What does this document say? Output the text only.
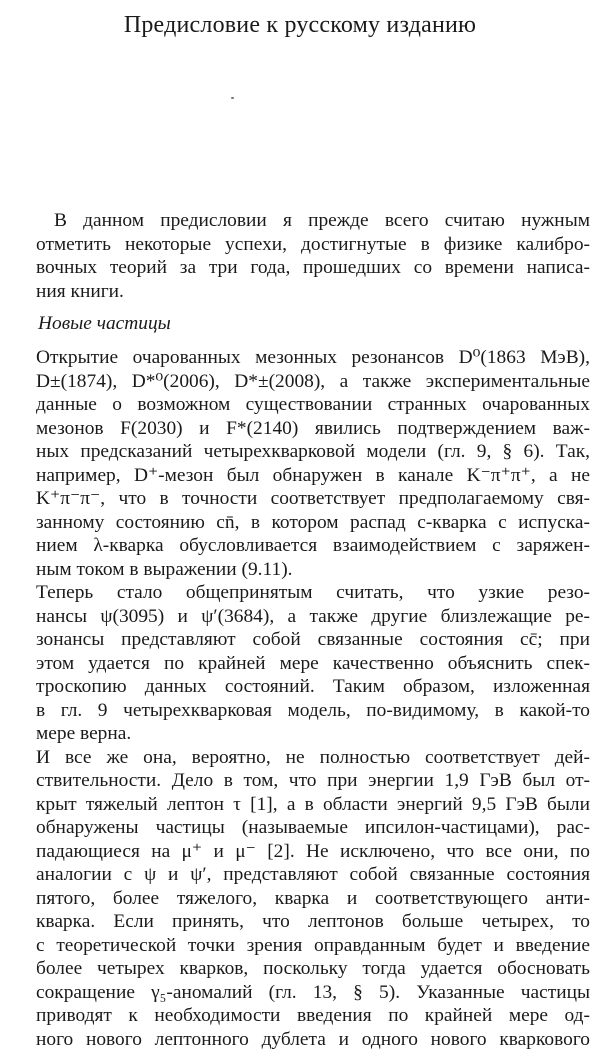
Предисловие к русскому изданию

В данном предисловии я прежде всего считаю нужным

отметить некоторые успехи, достигнутые в физике калибро-

вочных теорий за три года, прошедших со времени написа-

ния книги.

Новые частицы

Открытие очарованных мезонных резонансов D⁰(1863 МэВ),

D±(1874), D*⁰(2006), D*±(2008), а также экспериментальные

данные о возможном существовании странных очарованных

мезонов F(2030) и F*(2140) явились подтверждением важ-

ных предсказаний четырехкварковой модели (гл. 9, § 6). Так,

например, D⁺-мезон был обнаружен в канале K⁻π⁺π⁺, а не

K⁺π⁻π⁻, что в точности соответствует предполагаемому свя-

занному состоянию cn̄, в котором распад c-кварка с испуска-

нием λ-кварка обусловливается взаимодействием с заряжен-

ным током в выражении (9.11).

Теперь стало общепринятым считать, что узкие резо-

нансы ψ(3095) и ψ′(3684), а также другие близлежащие ре-

зонансы представляют собой связанные состояния cc̄; при

этом удается по крайней мере качественно объяснить спек-

троскопию данных состояний. Таким образом, изложенная

в гл. 9 четырехкварковая модель, по-видимому, в какой-то

мере верна.

И все же она, вероятно, не полностью соответствует дей-

ствительности. Дело в том, что при энергии 1,9 ГэВ был от-

крыт тяжелый лептон τ [1], а в области энергий 9,5 ГэВ были

обнаружены частицы (называемые ипсилон-частицами), рас-

падающиеся на μ⁺ и μ⁻ [2]. Не исключено, что все они, по

аналогии с ψ и ψ′, представляют собой связанные состояния

пятого, более тяжелого, кварка и соответствующего анти-

кварка. Если принять, что лептонов больше четырех, то

с теоретической точки зрения оправданным будет и введение

более четырех кварков, поскольку тогда удается обосновать

сокращение γ₅-аномалий (гл. 13, § 5). Указанные частицы

приводят к необходимости введения по крайней мере од-

ного нового лептонного дублета и одного нового кваркового
